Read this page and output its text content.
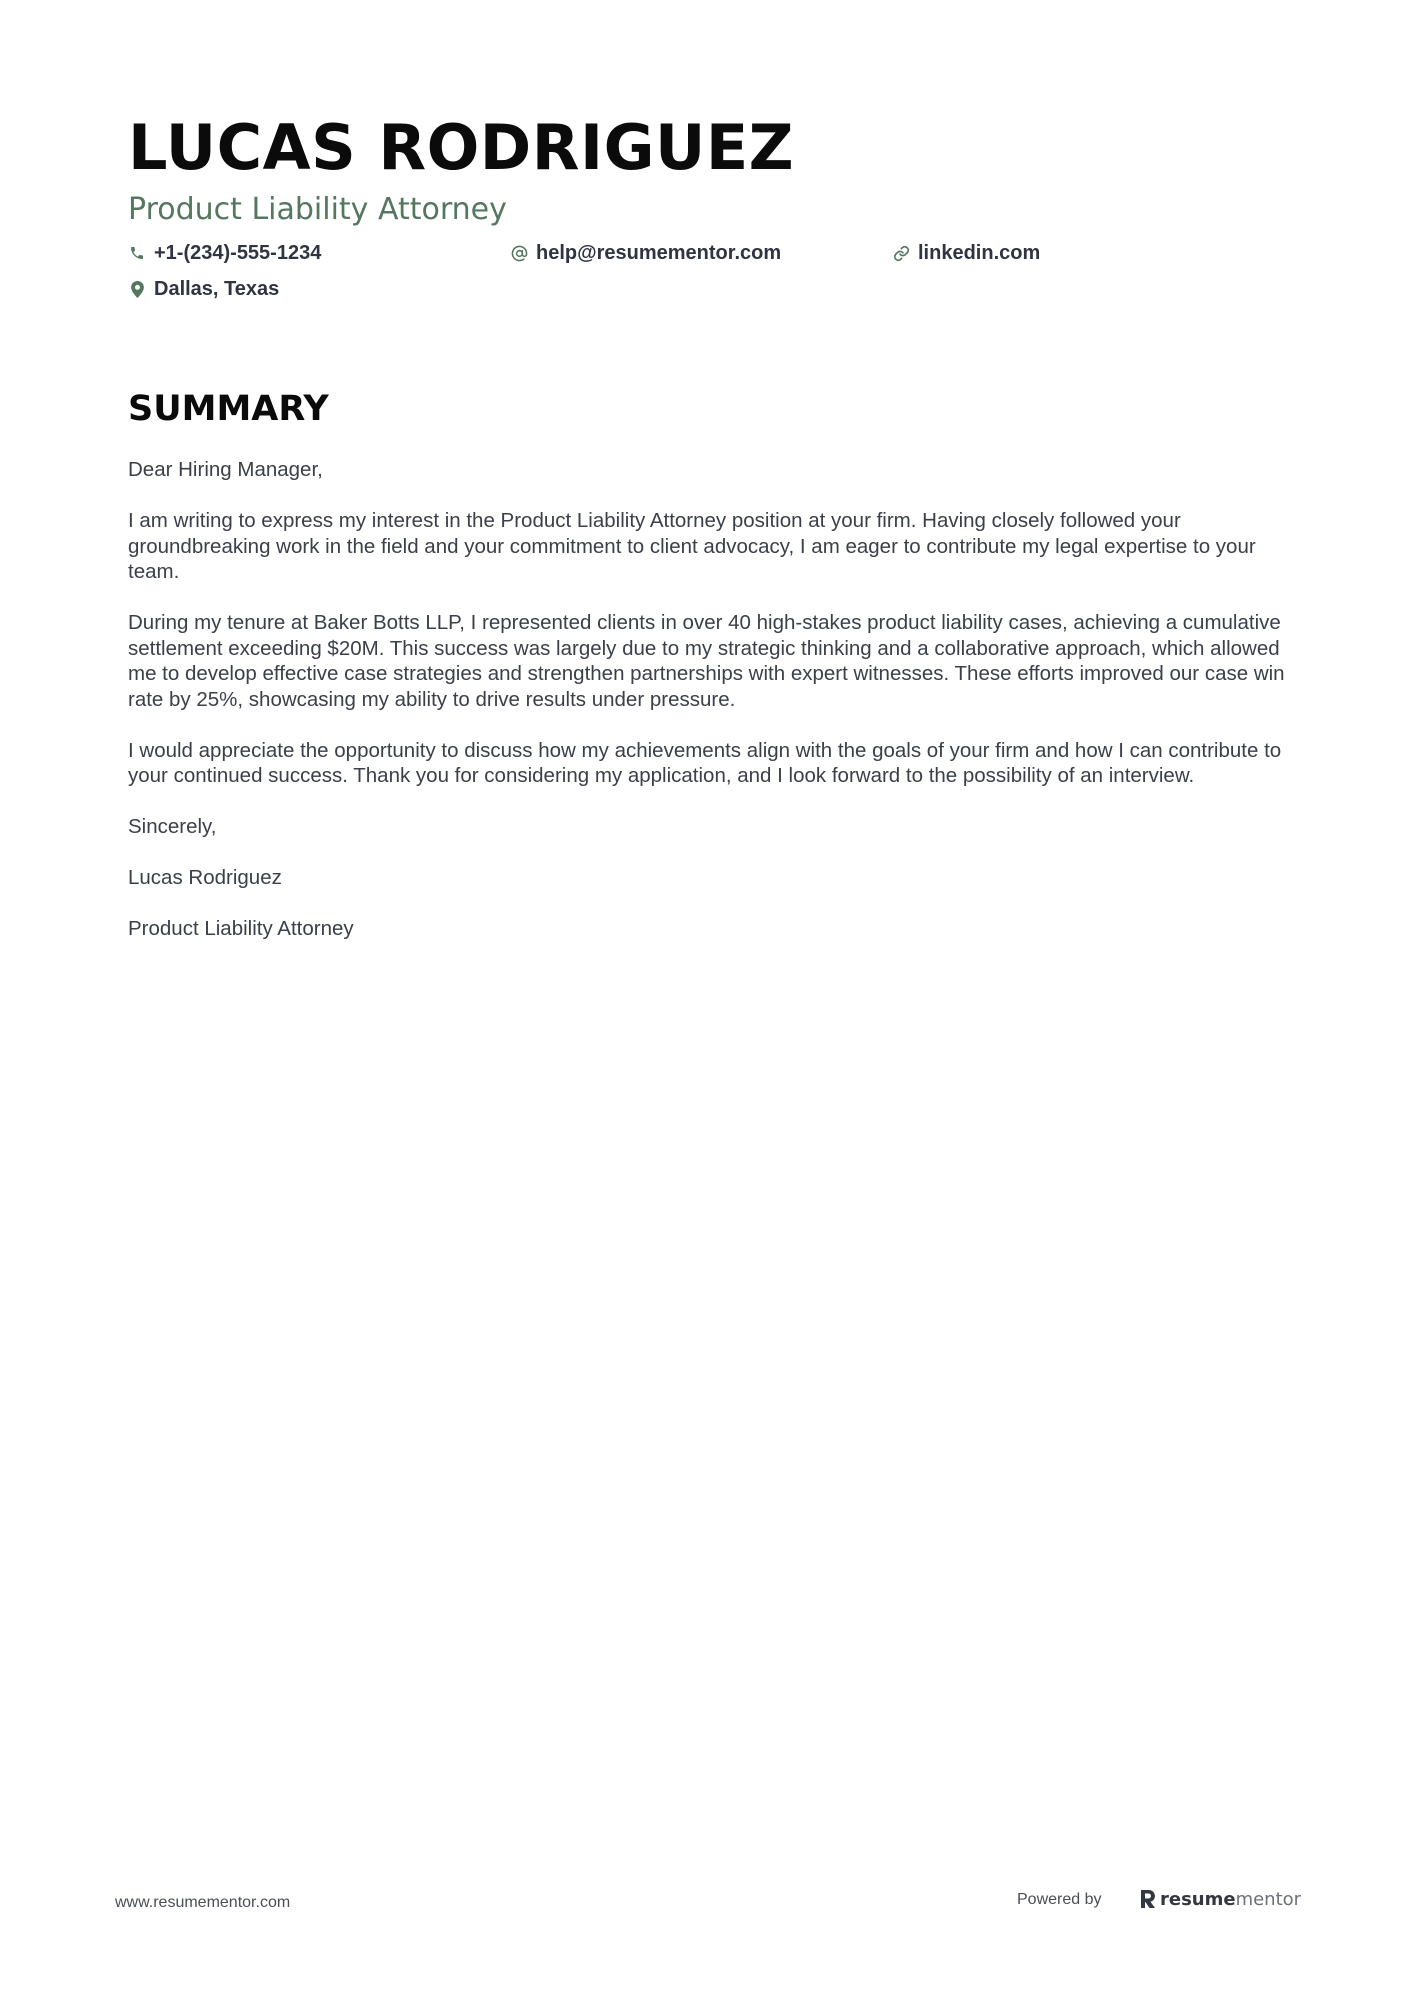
LUCAS RODRIGUEZ
Product Liability Attorney
+1-(234)-555-1234	help@resumementor.com	linkedin.com
Dallas, Texas
SUMMARY

Dear Hiring Manager,

I am writing to express my interest in the Product Liability Attorney position at your firm. Having closely followed your groundbreaking work in the field and your commitment to client advocacy, I am eager to contribute my legal expertise to your team.

During my tenure at Baker Botts LLP, I represented clients in over 40 high-stakes product liability cases, achieving a cumulative settlement exceeding $20M. This success was largely due to my strategic thinking and a collaborative approach, which allowed me to develop effective case strategies and strengthen partnerships with expert witnesses. These efforts improved our case win rate by 25%, showcasing my ability to drive results under pressure.

I would appreciate the opportunity to discuss how my achievements align with the goals of your firm and how I can contribute to your continued success. Thank you for considering my application, and I look forward to the possibility of an interview.

Sincerely,

Lucas Rodriguez

Product Liability Attorney

www.resumementor.com	Powered by	resume mentor
